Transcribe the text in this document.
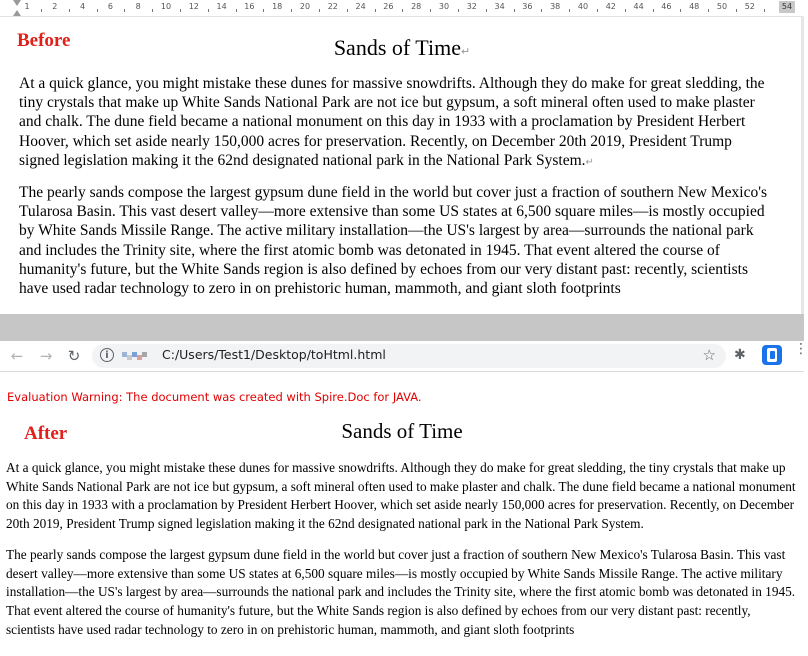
54
1	2	4	6	8	10 12 14 16 18 20 22 24 26 28 30 32 34 36 38 40 42 44 46 48 50 52
Before	Sands of Time↵

At a quick glance, you might mistake these dunes for massive snowdrifts. Although they do make for great sledding, the tiny crystals that make up White Sands National Park are not ice but gypsum, a soft mineral often used to make plaster and chalk. The dune field became a national monument on this day in 1933 with a proclamation by President Herbert Hoover, which set aside nearly 150,000 acres for preservation. Recently, on December 20th 2019, President Trump signed legislation making it the 62nd designated national park in the National Park System.↵

The pearly sands compose the largest gypsum dune field in the world but cover just a fraction of southern New Mexico's Tularosa Basin. This vast desert valley—more extensive than some US states at 6,500 square miles—is mostly occupied by White Sands Missile Range. The active military installation—the US's largest by area—surrounds the national park and includes the Trinity site, where the first atomic bomb was detonated in 1945. That event altered the course of humanity's future, but the White Sands region is also defined by echoes from our very distant past: recently, scientists have used radar technology to zero in on prehistoric human, mammoth, and giant sloth footprints

←	→	↻	i	C:/Users/Test1/Desktop/toHtml.html	☆ ✱	⋮
Evaluation Warning: The document was created with Spire.Doc for JAVA.
After	Sands of Time

At a quick glance, you might mistake these dunes for massive snowdrifts. Although they do make for great sledding, the tiny crystals that make up White Sands National Park are not ice but gypsum, a soft mineral often used to make plaster and chalk. The dune field became a national monument on this day in 1933 with a proclamation by President Herbert Hoover, which set aside nearly 150,000 acres for preservation. Recently, on December 20th 2019, President Trump signed legislation making it the 62nd designated national park in the National Park System.

The pearly sands compose the largest gypsum dune field in the world but cover just a fraction of southern New Mexico's Tularosa Basin. This vast desert valley—more extensive than some US states at 6,500 square miles—is mostly occupied by White Sands Missile Range. The active military installation—the US's largest by area—surrounds the national park and includes the Trinity site, where the first atomic bomb was detonated in 1945. That event altered the course of humanity's future, but the White Sands region is also defined by echoes from our very distant past: recently, scientists have used radar technology to zero in on prehistoric human, mammoth, and giant sloth footprints
